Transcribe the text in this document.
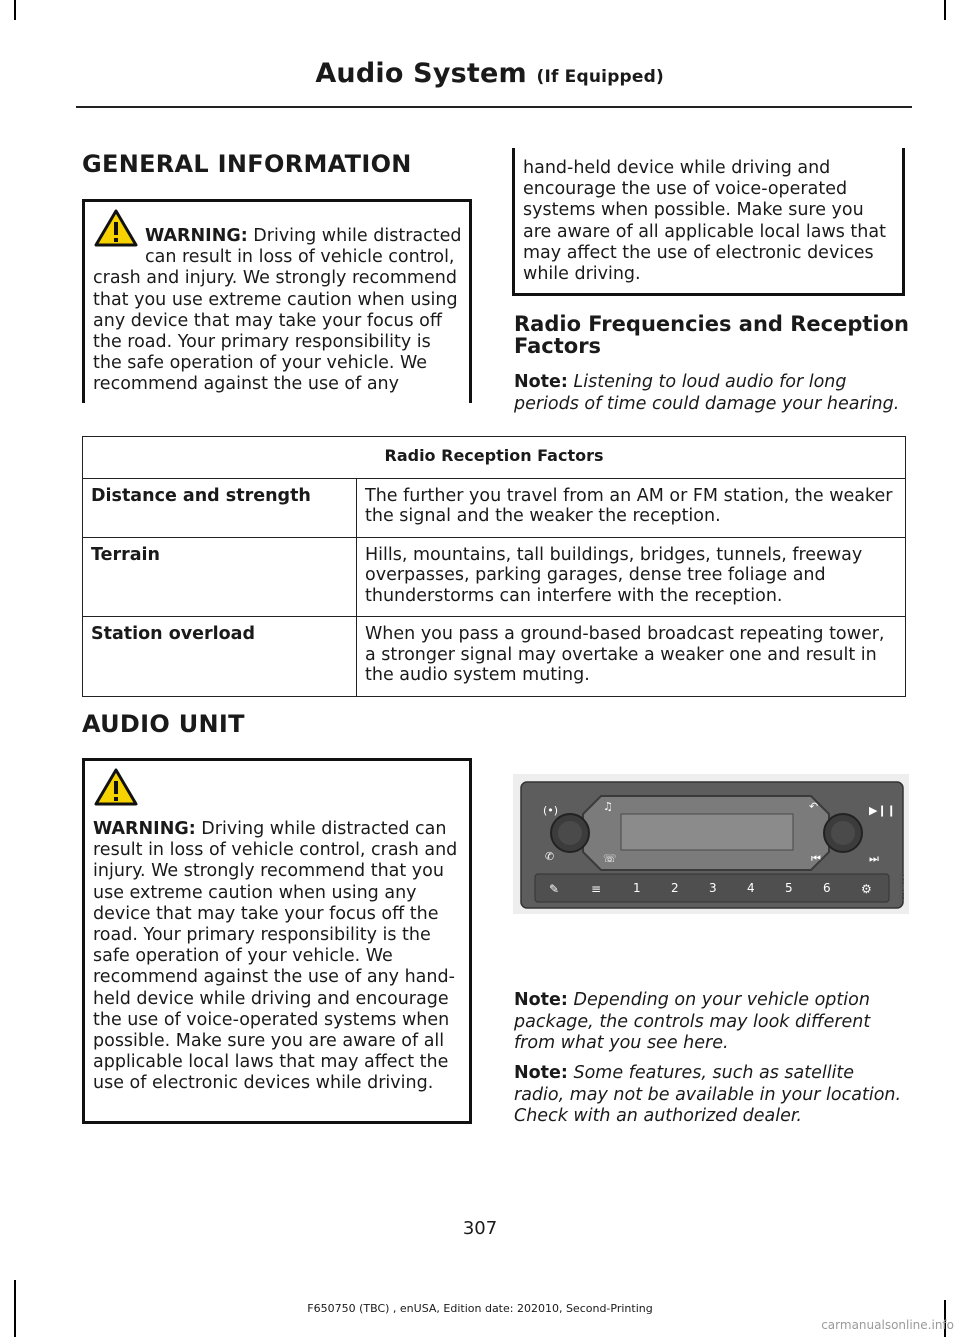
Audio System (If Equipped)
GENERAL INFORMATION

WARNING: Driving while distracted can result in loss of vehicle control, crash and injury. We strongly recommend that you use extreme caution when using any device that may take your focus off the road. Your primary responsibility is the safe operation of your vehicle. We recommend against the use of any

hand-held device while driving and encourage the use of voice-operated systems when possible. Make sure you are aware of all applicable local laws that may affect the use of electronic devices while driving.

Radio Frequencies and Reception Factors
Note: Listening to loud audio for long periods of time could damage your hearing.
Radio Reception Factors	
Distance and strength	The further you travel from an AM or FM station, the weaker the signal and the weaker the reception.
Terrain	Hills, mountains, tall buildings, bridges, tunnels, freeway overpasses, parking garages, dense tree foliage and thunderstorms can interfere with the reception.
Station overload	When you pass a ground-based broadcast repeating tower, a stronger signal may overtake a weaker one and result in the audio system muting.
AUDIO UNIT

WARNING: Driving while distracted can result in loss of vehicle control, crash and injury. We strongly recommend that you use extreme caution when using any device that may take your focus off the road. Your primary responsibility is the safe operation of your vehicle. We recommend against the use of any hand-held device while driving and encourage the use of voice-operated systems when possible. Make sure you are aware of all applicable local laws that may affect the use of electronic devices while driving.

(•)	♫	↶	▶❙❙
✆	☏	⏮	⏭
✎	≡	1	2	3	4	5	6	⚙	E284838
Note: Depending on your vehicle option package, the controls may look different from what you see here.
Note: Some features, such as satellite radio, may not be available in your location. Check with an authorized dealer.
307
F650750 (TBC) , enUSA, Edition date: 202010, Second-Printing
carmanualsonline.info
